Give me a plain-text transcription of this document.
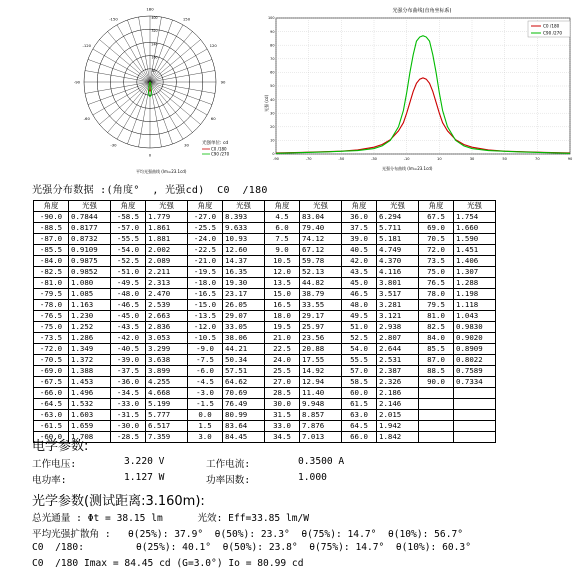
80
160
240
320
400
0
30
-30
60
-60
90
-90
120
-120
150
-150
180
平均光强曲线 (lm=23.1cd)
光强单位: cd
C0 /180
C90 /270
光强分布曲线(直角坐标系)
-90	-70	-50	-30	-10	10	30	50	70	90
0
10
20
30
40
50
60
70
80
90
100
光强分布曲线 (lm=23.1cd)
光强 (cd)
C0 /180
C90 /270
光强分布数据 :(角度°  , 光强cd)  C0  /180
角度	光强	角度	光强	角度	光强	角度	光强	角度	光强	角度	光强
-90.0	0.7844	-58.5	1.779	-27.0	8.393	4.5	83.04	36.0	6.294	67.5	1.754
-88.5	0.8177	-57.0	1.861	-25.5	9.633	6.0	79.40	37.5	5.711	69.0	1.660
-87.0	0.8732	-55.5	1.881	-24.0	10.93	7.5	74.12	39.0	5.181	70.5	1.590
-85.5	0.9109	-54.0	2.002	-22.5	12.60	9.0	67.12	40.5	4.749	72.0	1.451
-84.0	0.9875	-52.5	2.089	-21.0	14.37	10.5	59.78	42.0	4.370	73.5	1.406
-82.5	0.9852	-51.0	2.211	-19.5	16.35	12.0	52.13	43.5	4.116	75.0	1.307
-81.0	1.080	-49.5	2.313	-18.0	19.30	13.5	44.82	45.0	3.801	76.5	1.288
-79.5	1.085	-48.0	2.470	-16.5	23.17	15.0	38.79	46.5	3.517	78.0	1.198
-78.0	1.163	-46.5	2.539	-15.0	26.05	16.5	33.55	48.0	3.281	79.5	1.118
-76.5	1.230	-45.0	2.663	-13.5	29.07	18.0	29.17	49.5	3.121	81.0	1.043
-75.0	1.252	-43.5	2.836	-12.0	33.05	19.5	25.97	51.0	2.938	82.5	0.9830
-73.5	1.286	-42.0	3.053	-10.5	38.06	21.0	23.56	52.5	2.807	84.0	0.9020
-72.0	1.349	-40.5	3.299	-9.0	44.21	22.5	20.88	54.0	2.644	85.5	0.8909
-70.5	1.372	-39.0	3.638	-7.5	50.34	24.0	17.55	55.5	2.531	87.0	0.8022
-69.0	1.388	-37.5	3.899	-6.0	57.51	25.5	14.92	57.0	2.387	88.5	0.7589
-67.5	1.453	-36.0	4.255	-4.5	64.62	27.0	12.94	58.5	2.326	90.0	0.7334
-66.0	1.496	-34.5	4.668	-3.0	70.69	28.5	11.40	60.0	2.186		
-64.5	1.532	-33.0	5.199	-1.5	76.49	30.0	9.948	61.5	2.146		
-63.0	1.603	-31.5	5.777	0.0	80.99	31.5	8.857	63.0	2.015		
-61.5	1.659	-30.0	6.517	1.5	83.64	33.0	7.876	64.5	1.942		
-60.0	1.708	-28.5	7.359	3.0	84.45	34.5	7.013	66.0	1.842		
电学参数:
工作电压:	3.220 V	工作电流:	0.3500 A
电功率:	1.127 W	功率因数:	1.000
光学参数(测试距离:3.160m):
总光通量 : Φt = 38.15 lm      光效: Eff=33.85 lm/W
平均光强扩散角 :   θ(25%): 37.9°  θ(50%): 23.3°  θ(75%): 14.7°  θ(10%): 56.7°
C0  /180:         θ(25%): 40.1°  θ(50%): 23.8°  θ(75%): 14.7°  θ(10%): 60.3°
C0  /180 Imax = 84.45 cd (G=3.0°) Io = 80.99 cd
